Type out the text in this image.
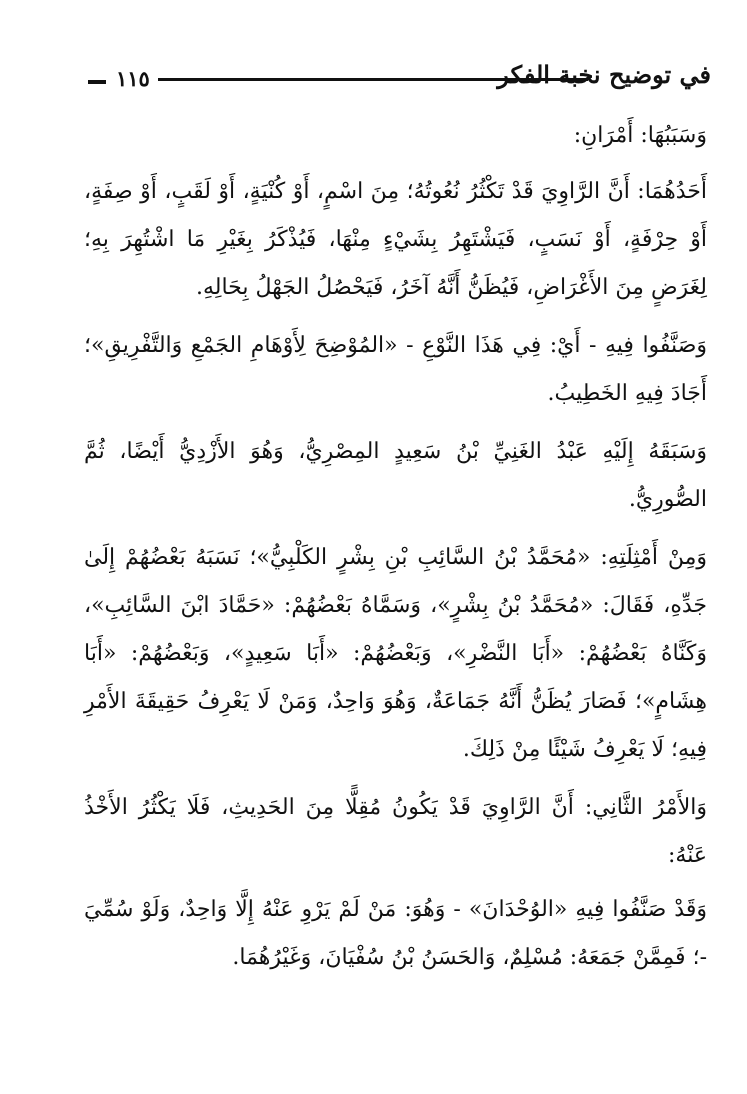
١١٥	في توضيح نخبة الفكر

وَسَبَبُهَا: أَمْرَانِ:

أَحَدُهُمَا: أَنَّ الرَّاوِيَ قَدْ تَكْثُرُ نُعُوتُهُ؛ مِنَ اسْمٍ، أَوْ كُنْيَةٍ، أَوْ لَقَبٍ، أَوْ صِفَةٍ، أَوْ حِرْفَةٍ، أَوْ نَسَبٍ، فَيَشْتَهِرُ بِشَيْءٍ مِنْهَا، فَيُذْكَرُ بِغَيْرِ مَا اشْتُهِرَ بِهِ؛ لِغَرَضٍ مِنَ الأَغْرَاضِ، فَيُظَنُّ أَنَّهُ آخَرُ، فَيَحْصُلُ الجَهْلُ بِحَالِهِ.

وَصَنَّفُوا فِيهِ - أَيْ: فِي هَذَا النَّوْعِ - «المُوْضِحَ لِأَوْهَامِ الجَمْعِ وَالتَّفْرِيقِ»؛ أَجَادَ فِيهِ الخَطِيبُ.

وَسَبَقَهُ إِلَيْهِ عَبْدُ الغَنِيِّ بْنُ سَعِيدٍ المِصْرِيُّ، وَهُوَ الأَزْدِيُّ أَيْضًا، ثُمَّ الصُّورِيُّ.

وَمِنْ أَمْثِلَتِهِ: «مُحَمَّدُ بْنُ السَّائِبِ بْنِ بِشْرٍ الكَلْبِيُّ»؛ نَسَبَهُ بَعْضُهُمْ إِلَىٰ جَدِّهِ، فَقَالَ: «مُحَمَّدُ بْنُ بِشْرٍ»، وَسَمَّاهُ بَعْضُهُمْ: «حَمَّادَ ابْنَ السَّائِبِ»، وَكَنَّاهُ بَعْضُهُمْ: «أَبَا النَّضْرِ»، وَبَعْضُهُمْ: «أَبَا سَعِيدٍ»، وَبَعْضُهُمْ: «أَبَا هِشَامٍ»؛ فَصَارَ يُظَنُّ أَنَّهُ جَمَاعَةٌ، وَهُوَ وَاحِدٌ، وَمَنْ لَا يَعْرِفُ حَقِيقَةَ الأَمْرِ فِيهِ؛ لَا يَعْرِفُ شَيْئًا مِنْ ذَلِكَ.

وَالأَمْرُ الثَّانِي: أَنَّ الرَّاوِيَ قَدْ يَكُونُ مُقِلًّا مِنَ الحَدِيثِ، فَلَا يَكْثُرُ الأَخْذُ عَنْهُ:

وَقَدْ صَنَّفُوا فِيهِ «الوُحْدَانَ» - وَهُوَ: مَنْ لَمْ يَرْوِ عَنْهُ إِلَّا وَاحِدٌ، وَلَوْ سُمِّيَ -؛ فَمِمَّنْ جَمَعَهُ: مُسْلِمٌ، وَالحَسَنُ بْنُ سُفْيَانَ، وَغَيْرُهُمَا.
